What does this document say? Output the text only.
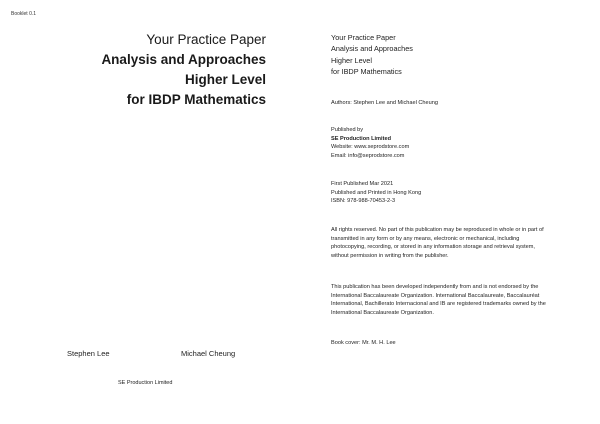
Booklet 0.1
Your Practice Paper
Analysis and Approaches
Higher Level
for IBDP Mathematics
Stephen Lee	Michael Cheung
SE Production Limited
Your Practice Paper
Analysis and Approaches
Higher Level
for IBDP Mathematics
Authors: Stephen Lee and Michael Cheung
Published by
SE Production Limited
Website: www.seprodstore.com
Email: info@seprodstore.com
First Published Mar 2021
Published and Printed in Hong Kong
ISBN: 978-988-70453-2-3
All rights reserved. No part of this publication may be reproduced in whole or in part of
transmitted in any form or by any means, electronic or mechanical, including
photocopying, recording, or stored in any information storage and retrieval system,
without permission in writing from the publisher.
This publication has been developed independently from and is not endorsed by the
International Baccalaureate Organization. International Baccalaureate, Baccalauréat
International, Bachillerato Internacional and IB are registered trademarks owned by the
International Baccalaureate Organization.
Book cover: Mr. M. H. Lee
